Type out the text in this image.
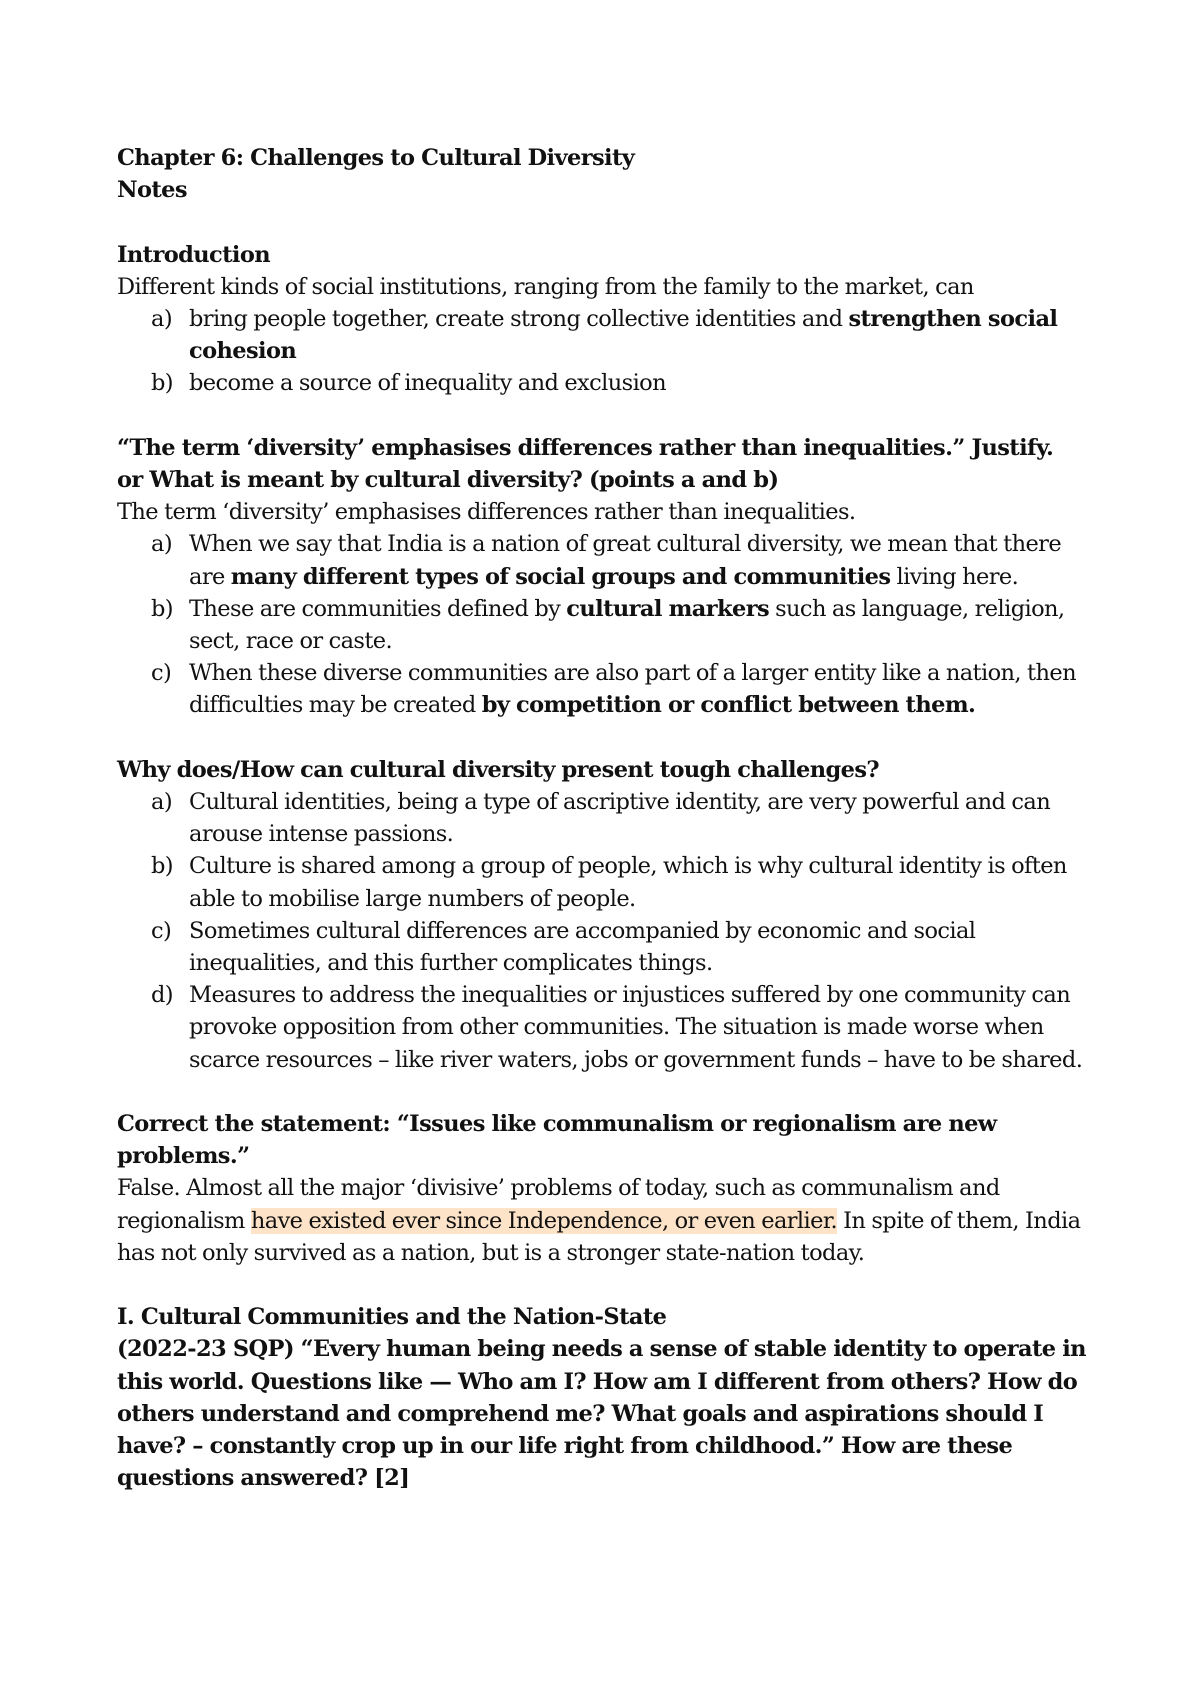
Chapter 6: Challenges to Cultural Diversity
Notes
Introduction
Different kinds of social institutions, ranging from the family to the market, can
a) bring people together, create strong collective identities and strengthen social cohesion
b) become a source of inequality and exclusion
“The term ‘diversity’ emphasises differences rather than inequalities.” Justify.
or What is meant by cultural diversity? (points a and b)
The term ‘diversity’ emphasises differences rather than inequalities.
a) When we say that India is a nation of great cultural diversity, we mean that there are many different types of social groups and communities living here.
b) These are communities defined by cultural markers such as language, religion, sect, race or caste.
c) When these diverse communities are also part of a larger entity like a nation, then difficulties may be created by competition or conflict between them.
Why does/How can cultural diversity present tough challenges?
a) Cultural identities, being a type of ascriptive identity, are very powerful and can arouse intense passions.
b) Culture is shared among a group of people, which is why cultural identity is often able to mobilise large numbers of people.
c) Sometimes cultural differences are accompanied by economic and social inequalities, and this further complicates things.
d) Measures to address the inequalities or injustices suffered by one community can provoke opposition from other communities. The situation is made worse when scarce resources – like river waters, jobs or government funds – have to be shared.
Correct the statement: “Issues like communalism or regionalism are new
problems.”
False. Almost all the major ‘divisive’ problems of today, such as communalism and regionalism have existed ever since Independence, or even earlier. In spite of them, India has not only survived as a nation, but is a stronger state-nation today.
I. Cultural Communities and the Nation-State
(2022-23 SQP) “Every human being needs a sense of stable identity to operate in this world. Questions like — Who am I? How am I different from others? How do others understand and comprehend me? What goals and aspirations should I have? – constantly crop up in our life right from childhood.” How are these questions answered? [2]
